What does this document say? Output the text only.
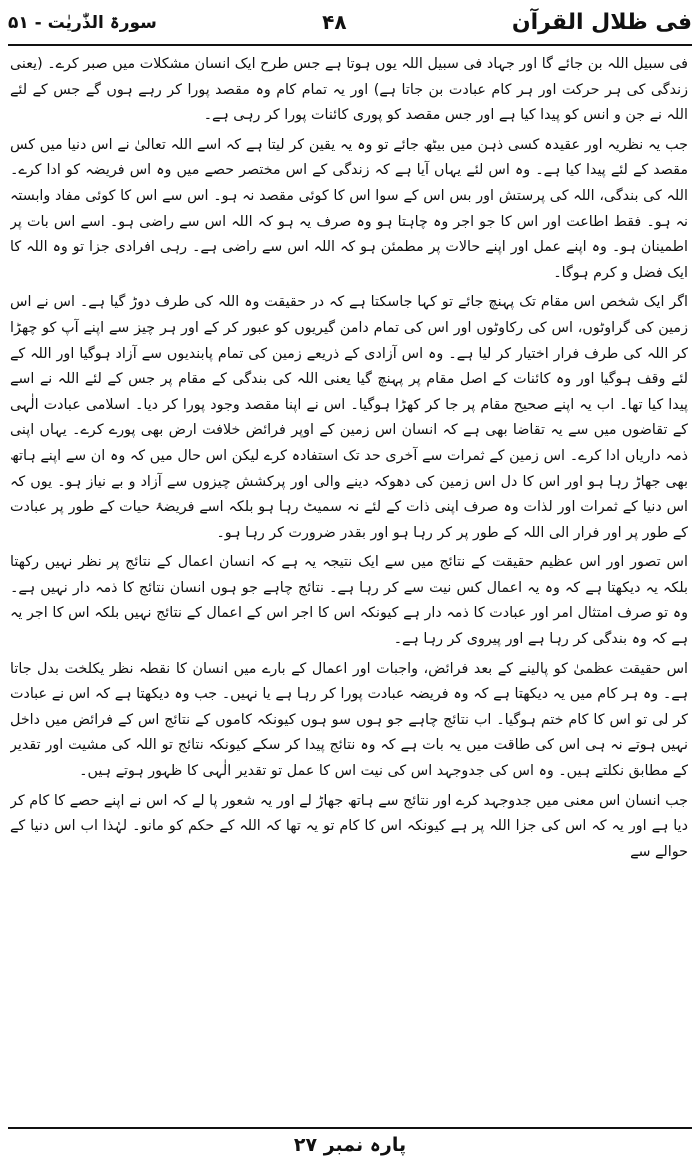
فی ظلال القرآن
۴۸
سورۃ الذّٰریٰت - ۵۱

فی سبیل اللہ بن جائے گا اور جہاد فی سبیل اللہ یوں ہوتا ہے جس طرح ایک انسان مشکلات میں صبر کرے۔ (یعنی زندگی کی ہر حرکت اور ہر کام عبادت بن جاتا ہے) اور یہ تمام کام وہ مقصد پورا کر رہے ہوں گے جس کے لئے اللہ نے جن و انس کو پیدا کیا ہے اور جس مقصد کو پوری کائنات پورا کر رہی ہے۔

جب یہ نظریہ اور عقیدہ کسی ذہن میں بیٹھ جائے تو وہ یہ یقین کر لیتا ہے کہ اسے اللہ تعالیٰ نے اس دنیا میں کس مقصد کے لئے پیدا کیا ہے۔ وہ اس لئے یہاں آیا ہے کہ زندگی کے اس مختصر حصے میں وہ اس فریضہ کو ادا کرے۔ اللہ کی بندگی، اللہ کی پرستش اور بس اس کے سوا اس کا کوئی مقصد نہ ہو۔ اس سے اس کا کوئی مفاد وابستہ نہ ہو۔ فقط اطاعت اور اس کا جو اجر وہ چاہتا ہو وہ صرف یہ ہو کہ اللہ اس سے راضی ہو۔ اسے اس بات پر اطمینان ہو۔ وہ اپنے عمل اور اپنے حالات پر مطمئن ہو کہ اللہ اس سے راضی ہے۔ رہی افرادی جزا تو وہ اللہ کا ایک فضل و کرم ہوگا۔

اگر ایک شخص اس مقام تک پہنچ جائے تو کہا جاسکتا ہے کہ در حقیقت وہ اللہ کی طرف دوڑ گیا ہے۔ اس نے اس زمین کی گراوٹوں، اس کی رکاوٹوں اور اس کی تمام دامن گیریوں کو عبور کر کے اور ہر چیز سے اپنے آپ کو چھڑا کر اللہ کی طرف فرار اختیار کر لیا ہے۔ وہ اس آزادی کے ذریعے زمین کی تمام پابندیوں سے آزاد ہوگیا اور اللہ کے لئے وقف ہوگیا اور وہ کائنات کے اصل مقام پر پہنچ گیا یعنی اللہ کی بندگی کے مقام پر جس کے لئے اللہ نے اسے پیدا کیا تھا۔ اب یہ اپنے صحیح مقام پر جا کر کھڑا ہوگیا۔ اس نے اپنا مقصد وجود پورا کر دیا۔ اسلامی عبادت الٰہی کے تقاضوں میں سے یہ تقاضا بھی ہے کہ انسان اس زمین کے اوپر فرائض خلافت ارض بھی پورے کرے۔ یہاں اپنی ذمہ داریاں ادا کرے۔ اس زمین کے ثمرات سے آخری حد تک استفادہ کرے لیکن اس حال میں کہ وہ ان سے اپنے ہاتھ بھی جھاڑ رہا ہو اور اس کا دل اس زمین کی دھوکہ دینے والی اور پرکشش چیزوں سے آزاد و بے نیاز ہو۔ یوں کہ اس دنیا کے ثمرات اور لذات وہ صرف اپنی ذات کے لئے نہ سمیٹ رہا ہو بلکہ اسے فریضۂ حیات کے طور پر عبادت کے طور پر اور فرار الی اللہ کے طور پر کر رہا ہو اور بقدر ضرورت کر رہا ہو۔

اس تصور اور اس عظیم حقیقت کے نتائج میں سے ایک نتیجہ یہ ہے کہ انسان اعمال کے نتائج پر نظر نہیں رکھتا بلکہ یہ دیکھتا ہے کہ وہ یہ اعمال کس نیت سے کر رہا ہے۔ نتائج چاہے جو ہوں انسان نتائج کا ذمہ دار نہیں ہے۔ وہ تو صرف امتثال امر اور عبادت کا ذمہ دار ہے کیونکہ اس کا اجر اس کے اعمال کے نتائج نہیں بلکہ اس کا اجر یہ ہے کہ وہ بندگی کر رہا ہے اور پیروی کر رہا ہے۔

اس حقیقت عظمیٰ کو پالینے کے بعد فرائض، واجبات اور اعمال کے بارے میں انسان کا نقطہ نظر یکلخت بدل جاتا ہے۔ وہ ہر کام میں یہ دیکھتا ہے کہ وہ فریضہ عبادت پورا کر رہا ہے یا نہیں۔ جب وہ دیکھتا ہے کہ اس نے عبادت کر لی تو اس کا کام ختم ہوگیا۔ اب نتائج چاہے جو ہوں سو ہوں کیونکہ کاموں کے نتائج اس کے فرائض میں داخل نہیں ہوتے نہ ہی اس کی طاقت میں یہ بات ہے کہ وہ نتائج پیدا کر سکے کیونکہ نتائج تو اللہ کی مشیت اور تقدیر کے مطابق نکلتے ہیں۔ وہ اس کی جدوجہد اس کی نیت اس کا عمل تو تقدیر الٰہی کا ظہور ہوتے ہیں۔

جب انسان اس معنی میں جدوجہد کرے اور نتائج سے ہاتھ جھاڑ لے اور یہ شعور پا لے کہ اس نے اپنے حصے کا کام کر دیا ہے اور یہ کہ اس کی جزا اللہ پر ہے کیونکہ اس کا کام تو یہ تھا کہ اللہ کے حکم کو مانو۔ لہٰذا اب اس دنیا کے حوالے سے

پارہ نمبر ۲۷
